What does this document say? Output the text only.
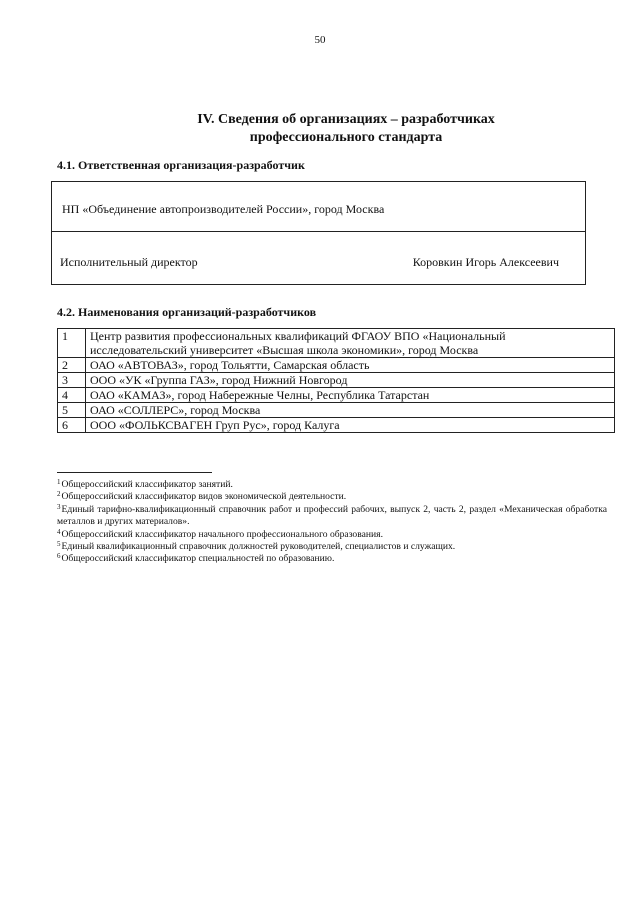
50
IV. Сведения об организациях – разработчиках
профессионального стандарта
4.1. Ответственная организация-разработчик
НП «Объединение автопроизводителей России», город Москва
Исполнительный директор	Коровкин Игорь Алексеевич
4.2. Наименования организаций-разработчиков
1	Центр развития профессиональных квалификаций ФГАОУ ВПО «Национальный
исследовательский университет «Высшая школа экономики», город Москва
2	ОАО «АВТОВАЗ», город Тольятти, Самарская область
3	ООО «УК «Группа ГАЗ», город Нижний Новгород
4	ОАО «КАМАЗ», город Набережные Челны, Республика Татарстан
5	ОАО «СОЛЛЕРС», город Москва
6	ООО «ФОЛЬКСВАГЕН Груп Рус», город Калуга

$^1$Общероссийский классификатор занятий.

$^2$Общероссийский классификатор видов экономической деятельности.

$^3$Единый тарифно-квалификационный справочник работ и профессий рабочих, выпуск 2, часть 2, раздел «Механическая обработка металлов и других материалов».

$^4$Общероссийский классификатор начального профессионального образования.

$^5$Единый квалификационный справочник должностей руководителей, специалистов и служащих.

$^6$Общероссийский классификатор специальностей по образованию.
